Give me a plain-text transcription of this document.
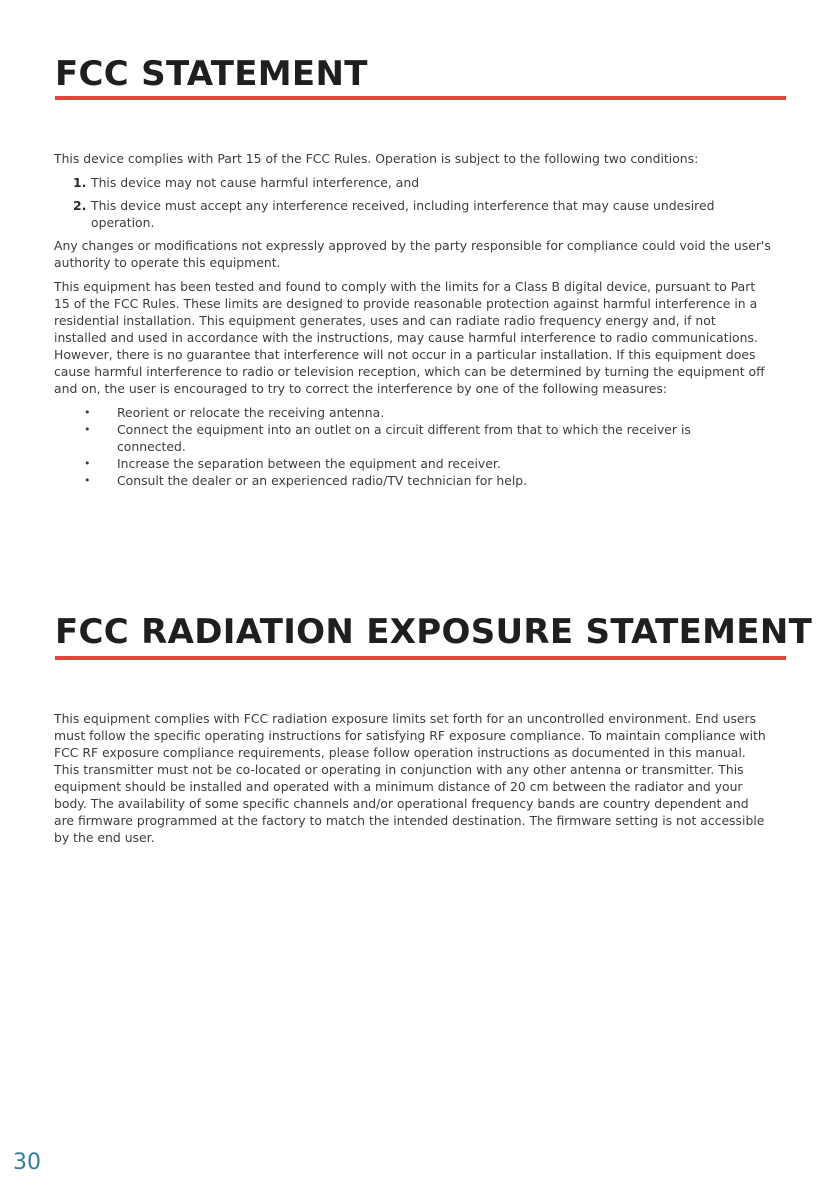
FCC STATEMENT

This device complies with Part 15 of the FCC Rules. Operation is subject to the following two conditions:

1. This device may not cause harmful interference, and
2. This device must accept any interference received, including interference that may cause undesired operation.

Any changes or modifications not expressly approved by the party responsible for compliance could void the user's authority to operate this equipment.

This equipment has been tested and found to comply with the limits for a Class B digital device, pursuant to Part 15 of the FCC Rules. These limits are designed to provide reasonable protection against harmful interference in a residential installation. This equipment generates, uses and can radiate radio frequency energy and, if not installed and used in accordance with the instructions, may cause harmful interference to radio communications. However, there is no guarantee that interference will not occur in a particular installation. If this equipment does cause harmful interference to radio or television reception, which can be determined by turning the equipment off and on, the user is encouraged to try to correct the interference by one of the following measures:

• Reorient or relocate the receiving antenna.
• Connect the equipment into an outlet on a circuit different from that to which the receiver is connected.
• Increase the separation between the equipment and receiver.
• Consult the dealer or an experienced radio/TV technician for help.
FCC RADIATION EXPOSURE STATEMENT

This equipment complies with FCC radiation exposure limits set forth for an uncontrolled environment. End users must follow the specific operating instructions for satisfying RF exposure compliance. To maintain compliance with FCC RF exposure compliance requirements, please follow operation instructions as documented in this manual. This transmitter must not be co-located or operating in conjunction with any other antenna or transmitter. This equipment should be installed and operated with a minimum distance of 20 cm between the radiator and your body. The availability of some specific channels and/or operational frequency bands are country dependent and are firmware programmed at the factory to match the intended destination. The firmware setting is not accessible by the end user.

30
